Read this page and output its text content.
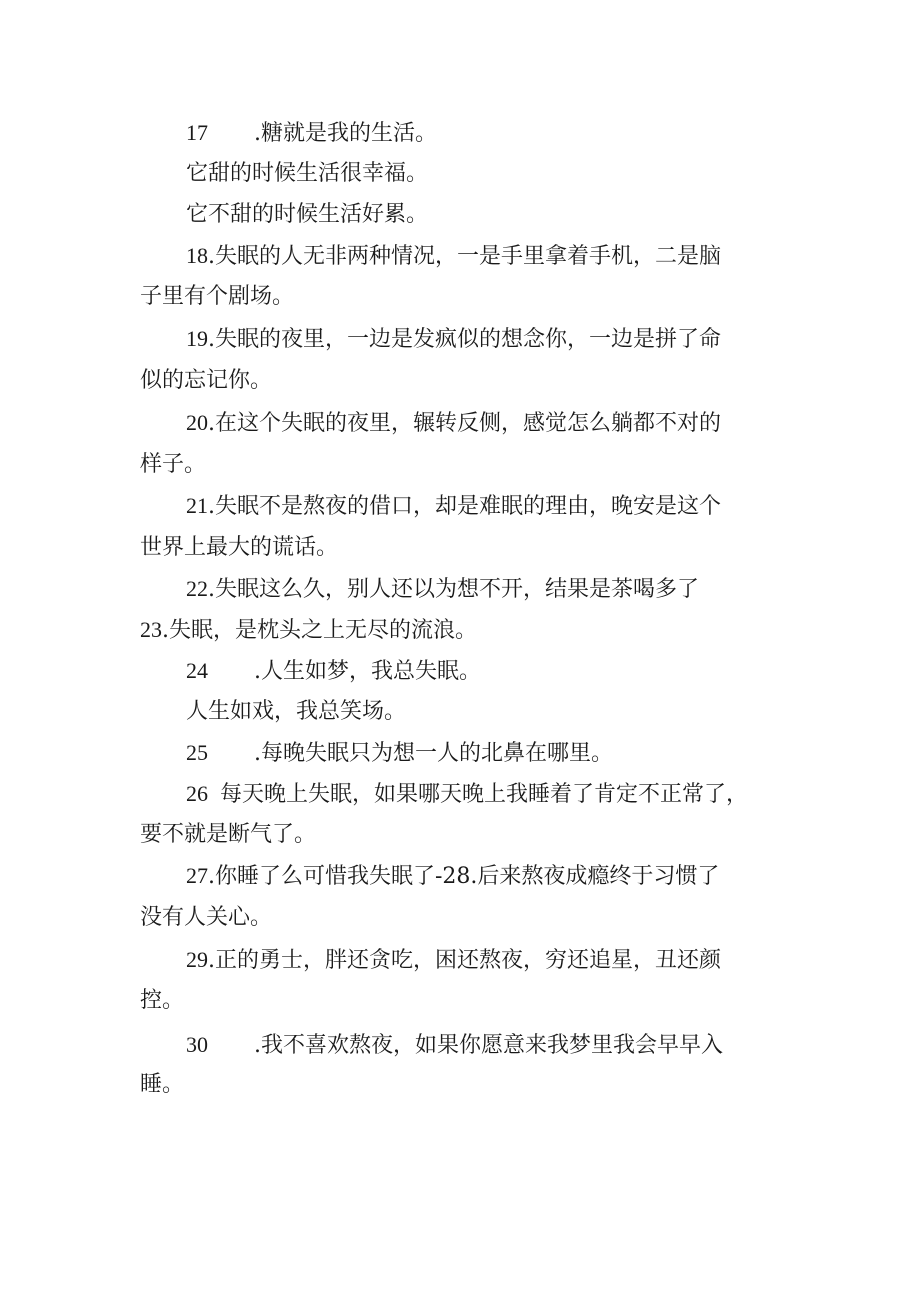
17 .糖就是我的生活。
它甜的时候生活很幸福。
它不甜的时候生活好累。
18.失眠的人无非两种情况，一是手里拿着手机，二是脑
子里有个剧场。
19.失眠的夜里，一边是发疯似的想念你，一边是拼了命
似的忘记你。
20.在这个失眠的夜里，辗转反侧，感觉怎么躺都不对的
样子。
21.失眠不是熬夜的借口，却是难眠的理由，晚安是这个
世界上最大的谎话。
22.失眠这么久，别人还以为想不开，结果是茶喝多了
23.失眠，是枕头之上无尽的流浪。
24 .人生如梦，我总失眠。
人生如戏，我总笑场。
25 .每晚失眠只为想一人的北鼻在哪里。
26 每天晚上失眠，如果哪天晚上我睡着了肯定不正常了，
要不就是断气了。
27.你睡了么可惜我失眠了-28.后来熬夜成瘾终于习惯了
没有人关心。
29.正的勇士，胖还贪吃，困还熬夜，穷还追星，丑还颜
控。
30 .我不喜欢熬夜，如果你愿意来我梦里我会早早入
睡。
